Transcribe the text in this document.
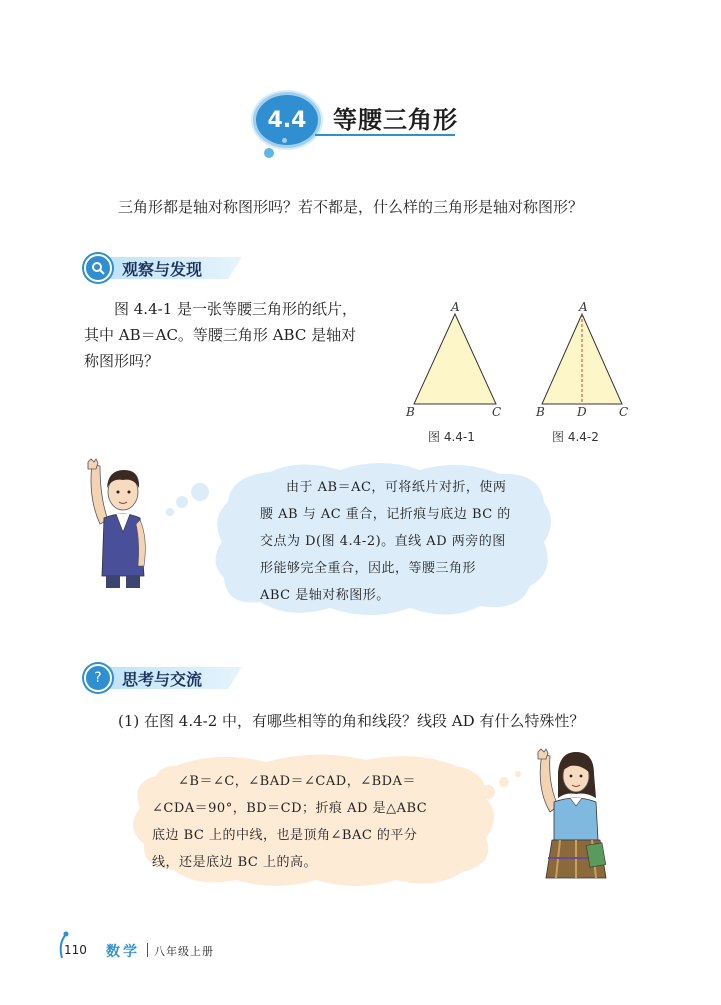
4.4 等腰三角形
三角形都是轴对称图形吗？若不都是，什么样的三角形是轴对称图形？
观察与发现
图 4.4-1 是一张等腰三角形的纸片，
其中 AB＝AC。等腰三角形 ABC 是轴对
称图形吗？
A
B	C
图 4.4-1
A
B	D	C
图 4.4-2
由于 AB＝AC，可将纸片对折，使两
腰 AB 与 AC 重合，记折痕与底边 BC 的
交点为 D(图 4.4-2)。直线 AD 两旁的图
形能够完全重合，因此，等腰三角形
ABC 是轴对称图形。
?	思考与交流
(1) 在图 4.4-2 中，有哪些相等的角和线段？线段 AD 有什么特殊性？
∠B＝∠C，∠BAD＝∠CAD，∠BDA＝
∠CDA＝90°，BD＝CD；折痕 AD 是△ABC
底边 BC 上的中线，也是顶角∠BAC 的平分
线，还是底边 BC 上的高。
110 数学 八年级上册
